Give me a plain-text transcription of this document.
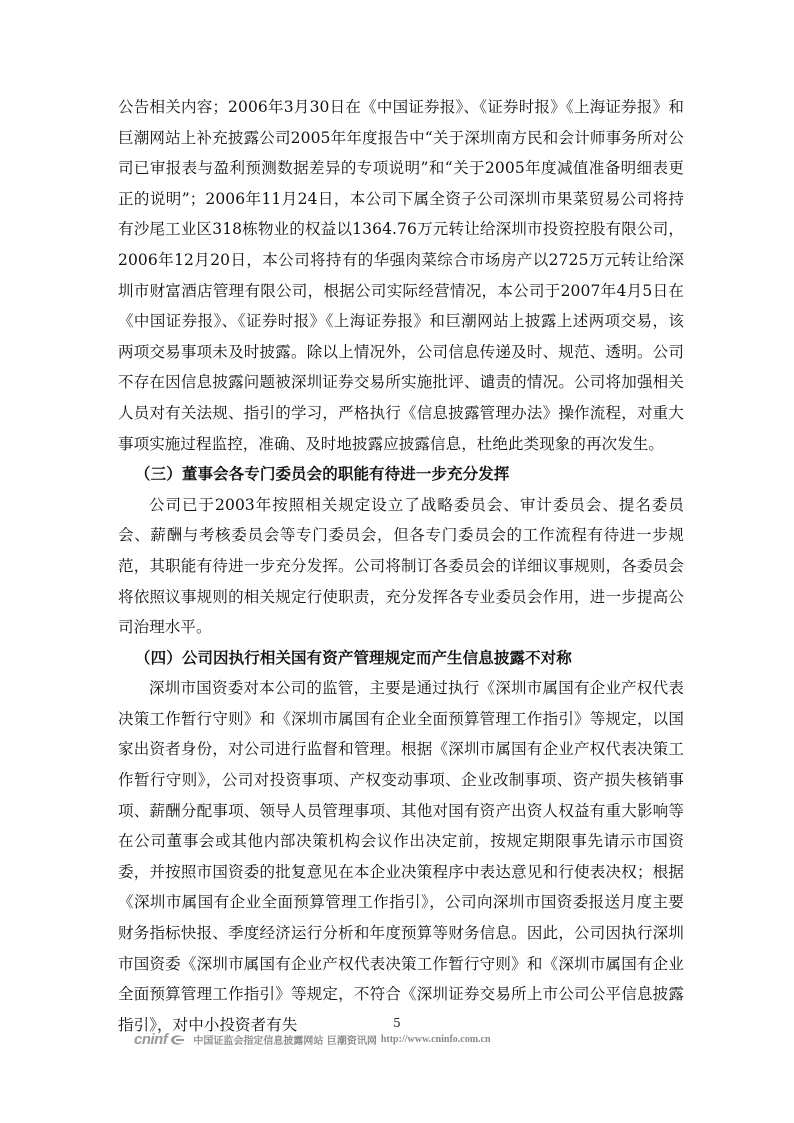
公告相关内容；2006年3月30日在《中国证券报》、《证券时报》《上海证券报》和巨潮网站上补充披露公司2005年年度报告中“关于深圳南方民和会计师事务所对公司已审报表与盈利预测数据差异的专项说明”和“关于2005年度减值准备明细表更正的说明”；2006年11月24日，本公司下属全资子公司深圳市果菜贸易公司将持有沙尾工业区318栋物业的权益以1364.76万元转让给深圳市投资控股有限公司，2006年12月20日，本公司将持有的华强肉菜综合市场房产以2725万元转让给深圳市财富酒店管理有限公司，根据公司实际经营情况，本公司于2007年4月5日在《中国证券报》、《证券时报》《上海证券报》和巨潮网站上披露上述两项交易，该两项交易事项未及时披露。除以上情况外，公司信息传递及时、规范、透明。公司不存在因信息披露问题被深圳证券交易所实施批评、谴责的情况。公司将加强相关人员对有关法规、指引的学习，严格执行《信息披露管理办法》操作流程，对重大事项实施过程监控，准确、及时地披露应披露信息，杜绝此类现象的再次发生。

（三）董事会各专门委员会的职能有待进一步充分发挥

公司已于2003年按照相关规定设立了战略委员会、审计委员会、提名委员会、薪酬与考核委员会等专门委员会，但各专门委员会的工作流程有待进一步规范，其职能有待进一步充分发挥。公司将制订各委员会的详细议事规则，各委员会将依照议事规则的相关规定行使职责，充分发挥各专业委员会作用，进一步提高公司治理水平。

（四）公司因执行相关国有资产管理规定而产生信息披露不对称

深圳市国资委对本公司的监管，主要是通过执行《深圳市属国有企业产权代表决策工作暂行守则》和《深圳市属国有企业全面预算管理工作指引》等规定，以国家出资者身份，对公司进行监督和管理。根据《深圳市属国有企业产权代表决策工作暂行守则》，公司对投资事项、产权变动事项、企业改制事项、资产损失核销事项、薪酬分配事项、领导人员管理事项、其他对国有资产出资人权益有重大影响等在公司董事会或其他内部决策机构会议作出决定前，按规定期限事先请示市国资委，并按照市国资委的批复意见在本企业决策程序中表达意见和行使表决权；根据《深圳市属国有企业全面预算管理工作指引》，公司向深圳市国资委报送月度主要财务指标快报、季度经济运行分析和年度预算等财务信息。因此，公司因执行深圳市国资委《深圳市属国有企业产权代表决策工作暂行守则》和《深圳市属国有企业全面预算管理工作指引》等规定，不符合《深圳证券交易所上市公司公平信息披露指引》，对中小投资者有失	5
cninf	中国证监会指定信息披露网站 巨潮资讯网 http://www.cninfo.com.cn
